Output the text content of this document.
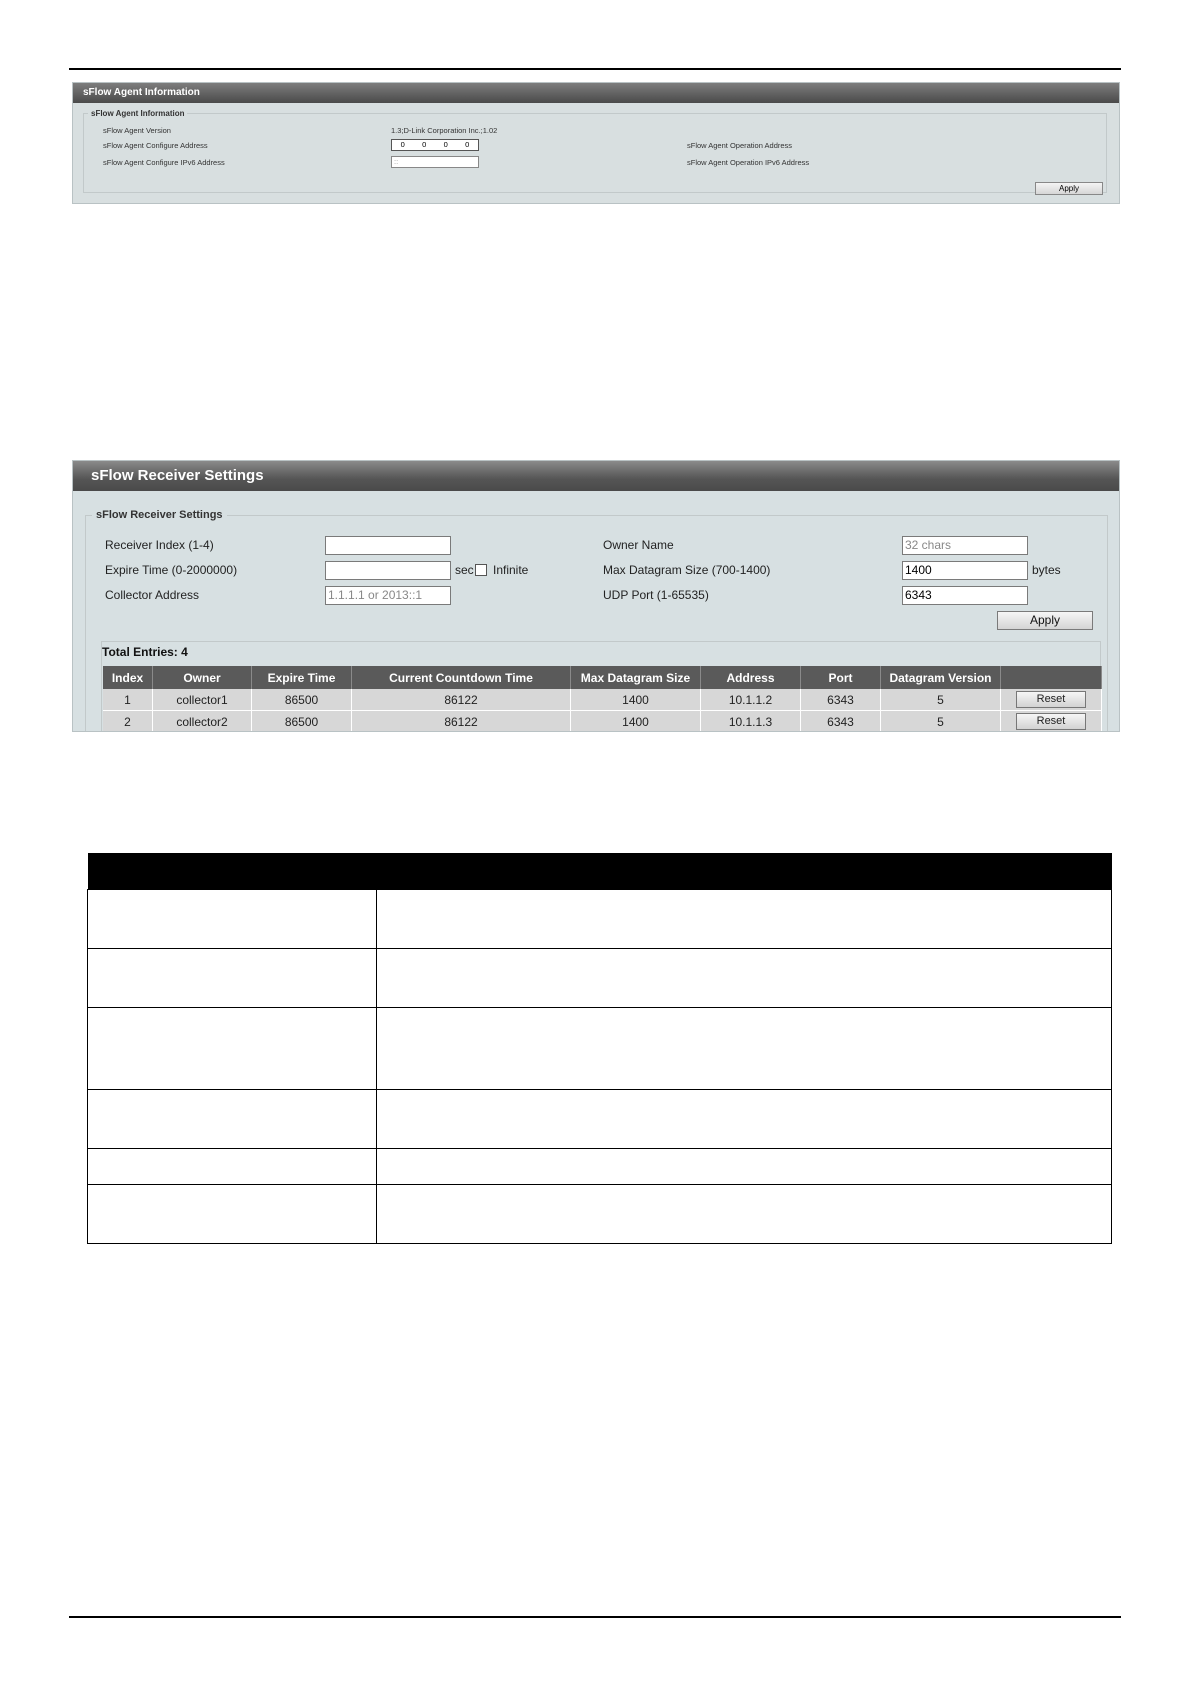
sFlow Agent Information
sFlow Agent Information
sFlow Agent Version	1.3;D-Link Corporation Inc.;1.02
sFlow Agent Configure Address	0 0 0 0
sFlow Agent Configure IPv6 Address	::
sFlow Agent Operation Address
sFlow Agent Operation IPv6 Address
Apply
sFlow Receiver Settings
sFlow Receiver Settings
Receiver Index (1-4)
Expire Time (0-2000000)	sec Infinite
Collector Address	1.1.1.1 or 2013::1
Owner Name	32 chars
Max Datagram Size (700-1400)	1400	bytes
UDP Port (1-65535)	6343
Apply
Total Entries: 4
Index	Owner	Expire Time	Current Countdown Time	Max Datagram Size	Address	Port	Datagram Version	
1	collector1	86500	86122	1400	10.1.1.2	6343	5	Reset
2	collector2	86500	86122	1400	10.1.1.3	6343	5	Reset
